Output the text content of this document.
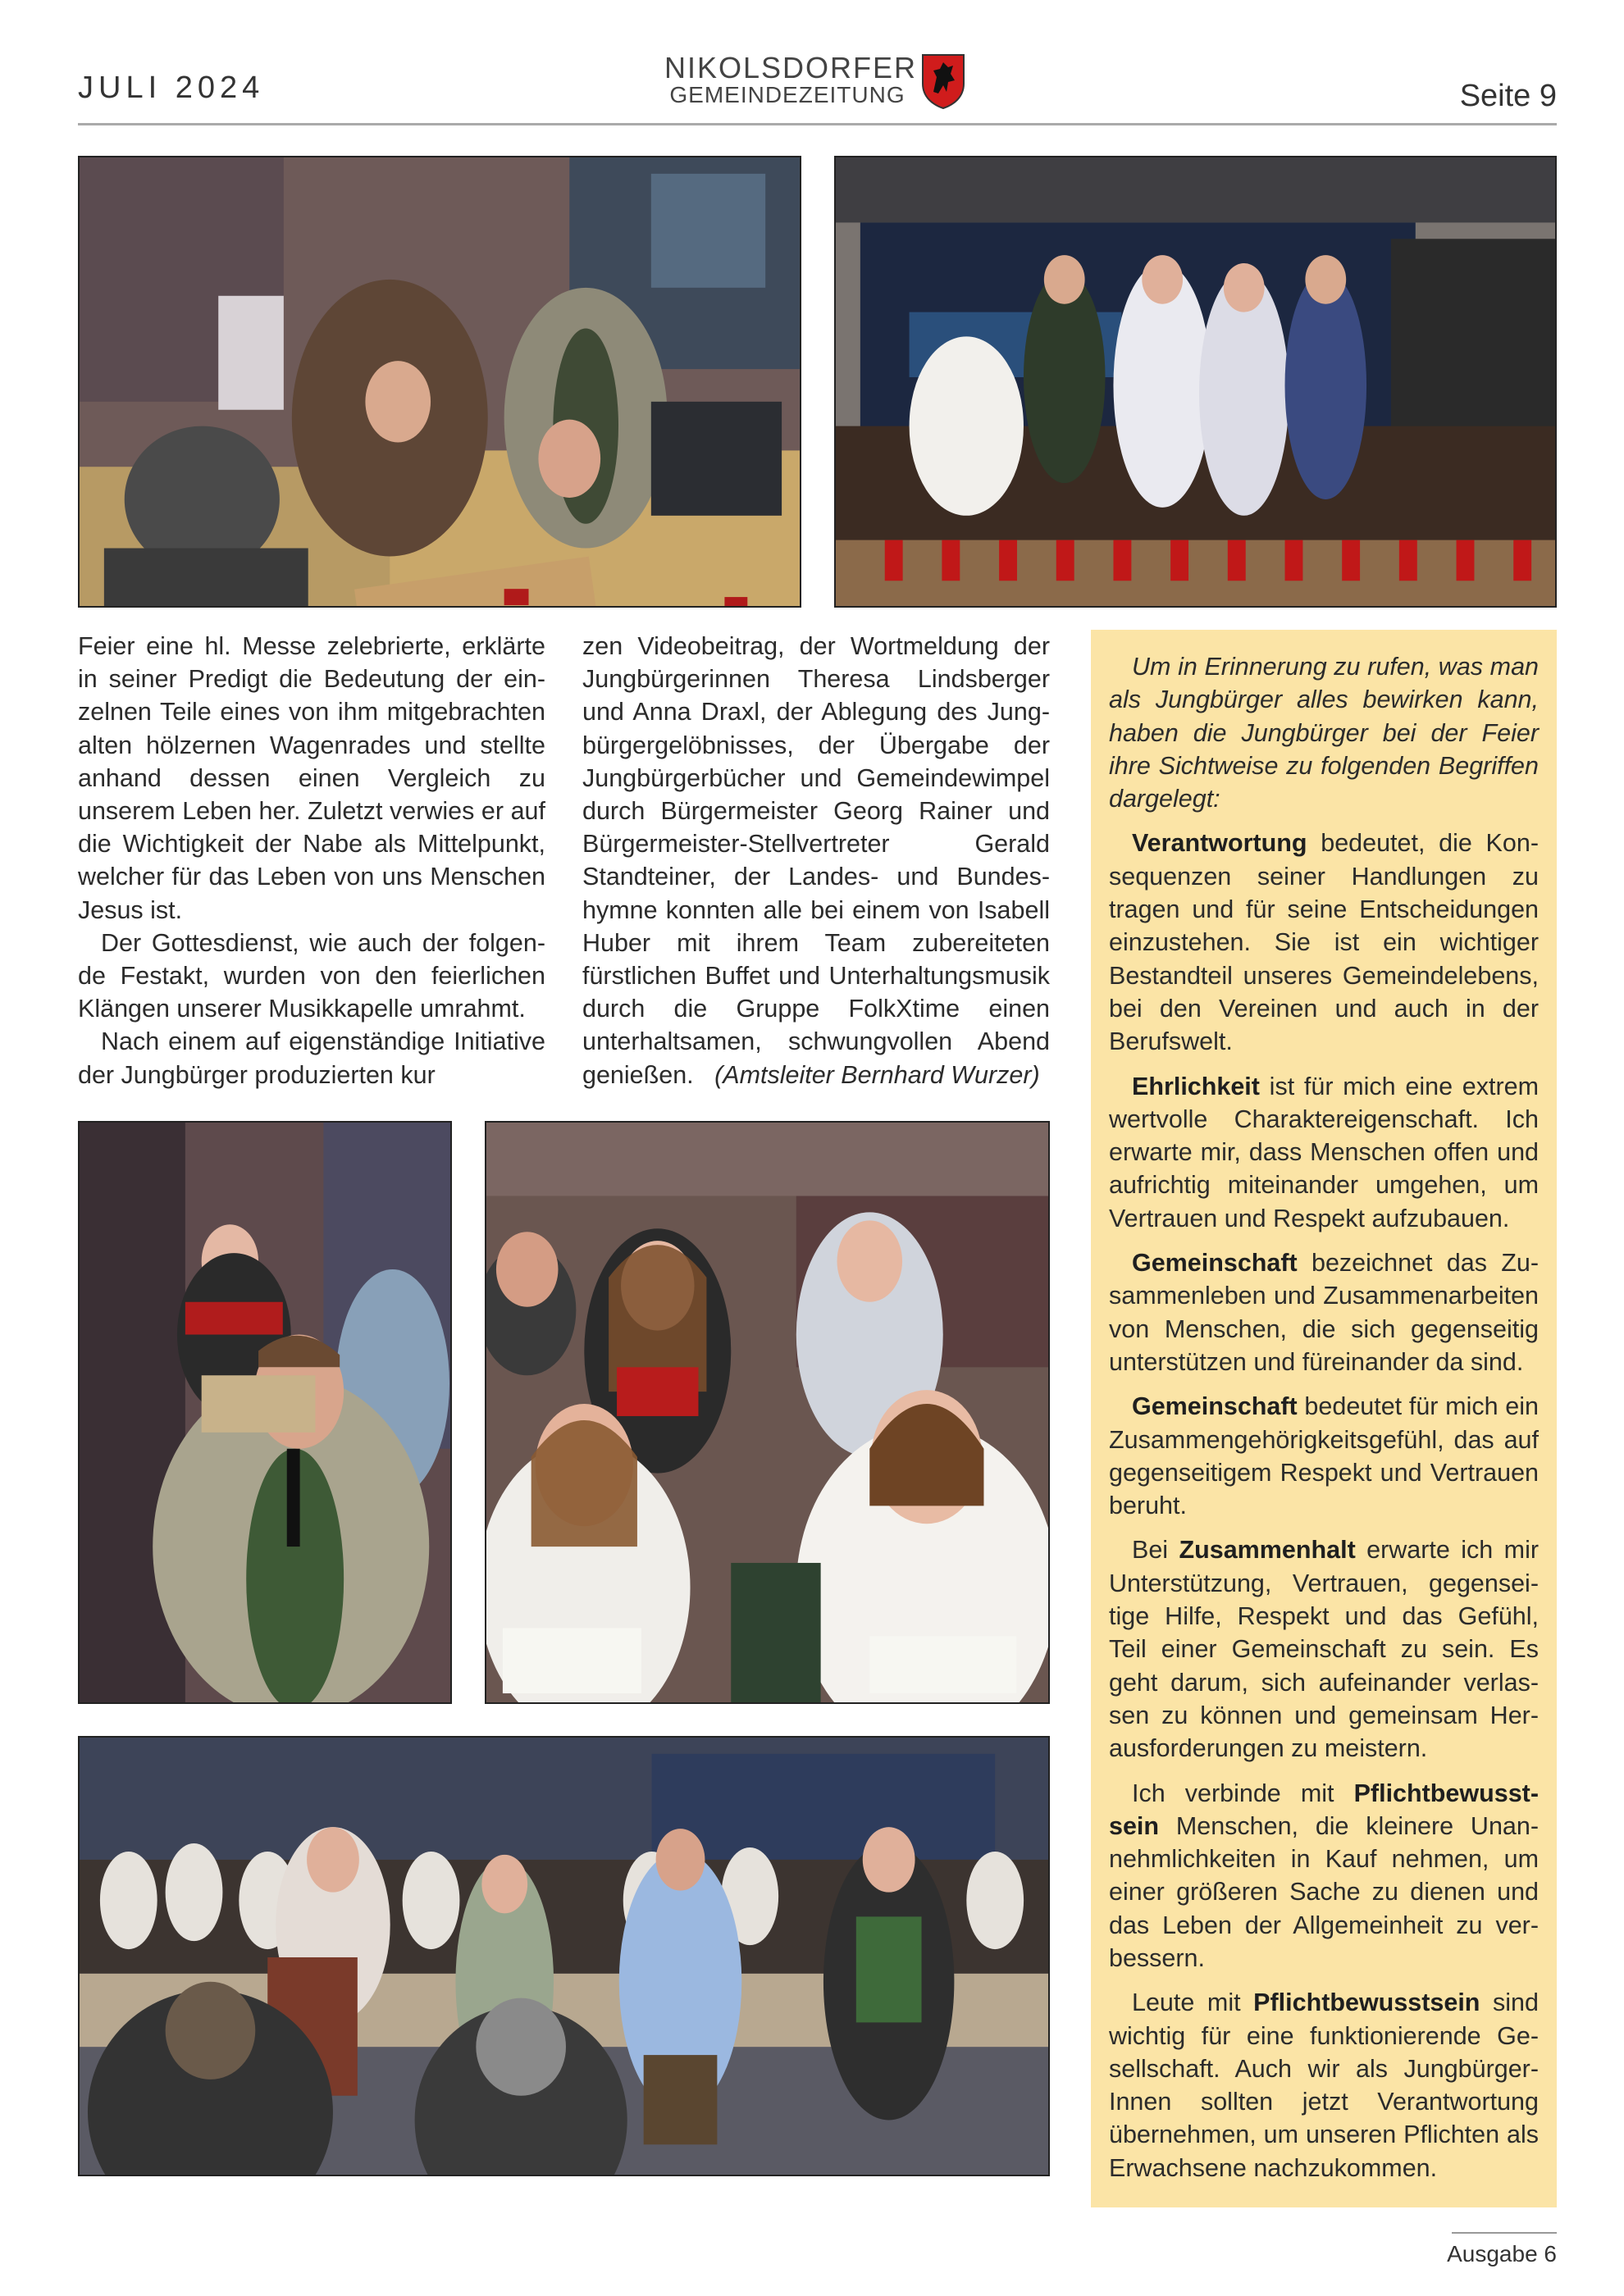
JULI 2024
NIKOLSDORFER
GEMEINDEZEITUNG	Seite 9

Feier eine hl. Messe zelebrierte, erklärte in seiner Predigt die Bedeutung der einzelnen Teile eines von ihm mitgebrachten alten hölzernen Wagenrades und stellte anhand dessen einen Vergleich zu unserem Leben her. Zuletzt verwies er auf die Wichtigkeit der Nabe als Mittelpunkt, welcher für das Leben von uns Menschen Jesus ist.

Der Gottesdienst, wie auch der folgende Festakt, wurden von den feierlichen Klängen unserer Musikkapelle umrahmt.

Nach einem auf eigenständige Initiative der Jungbürger produzierten kur

zen Videobeitrag, der Wortmeldung der Jungbürgerinnen Theresa Lindsberger und Anna Draxl, der Ablegung des Jungbürgergelöbnisses, der Übergabe der Jungbürgerbücher und Gemeindewimpel durch Bürgermeister Georg Rainer und Bürgermeister-Stellvertreter Gerald Standteiner, der Landes- und Bundeshymne konnten alle bei einem von Isabell Huber mit ihrem Team zubereiteten fürstlichen Buffet und Unterhaltungsmusik durch die Gruppe FolkXtime einen unterhaltsamen, schwungvollen Abend genießen. (Amtsleiter Bernhard Wurzer)

Um in Erinnerung zu rufen, was man als Jungbürger alles bewirken kann, haben die Jungbürger bei der Feier ihre Sichtweise zu folgenden Begriffen dargelegt:

Verantwortung bedeutet, die Konsequenzen seiner Handlungen zu tragen und für seine Entscheidungen einzustehen. Sie ist ein wichtiger Bestandteil unseres Gemeindelebens, bei den Vereinen und auch in der Berufswelt.

Ehrlichkeit ist für mich eine extrem wertvolle Charaktereigenschaft. Ich erwarte mir, dass Menschen offen und aufrichtig miteinander umgehen, um Vertrauen und Respekt aufzubauen.

Gemeinschaft bezeichnet das Zusammenleben und Zusammenarbeiten von Menschen, die sich gegenseitig unterstützen und füreinander da sind.

Gemeinschaft bedeutet für mich ein Zusammengehörigkeitsgefühl, das auf gegenseitigem Respekt und Vertrauen beruht.

Bei Zusammenhalt erwarte ich mir Unterstützung, Vertrauen, gegenseitige Hilfe, Respekt und das Gefühl, Teil einer Gemeinschaft zu sein. Es geht darum, sich aufeinander verlassen zu können und gemeinsam Herausforderungen zu meistern.

Ich verbinde mit Pflichtbewusstsein Menschen, die kleinere Unannehmlichkeiten in Kauf nehmen, um einer größeren Sache zu dienen und das Leben der Allgemeinheit zu verbessern.

Leute mit Pflichtbewusstsein sind wichtig für eine funktionierende Gesellschaft. Auch wir als JungbürgerInnen sollten jetzt Verantwortung übernehmen, um unseren Pflichten als Erwachsene nachzukommen.

Ausgabe 6
